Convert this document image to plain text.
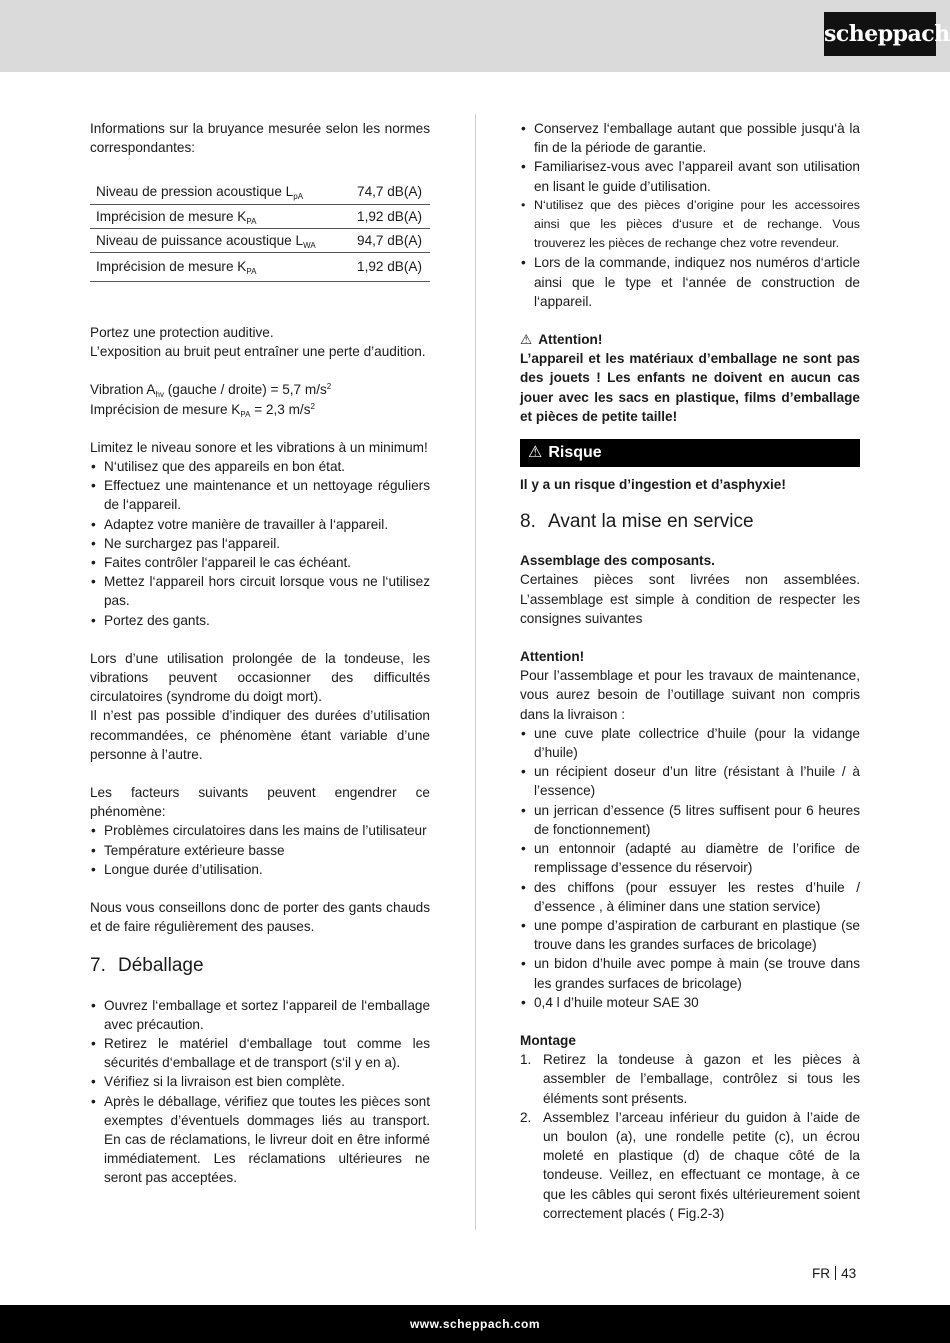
scheppach

Informations sur la bruyance mesurée selon les normes correspondantes:

Niveau de pression acoustique $L_{pA}$	74,7 dB(A)
Imprécision de mesure $K_{PA}$	1,92 dB(A)
Niveau de puissance acoustique $L_{WA}$	94,7 dB(A)
Imprécision de mesure $K_{PA}$	1,92 dB(A)

Portez une protection auditive.

L’exposition au bruit peut entraîner une perte d’audition.

Vibration $A_{hv}$ (gauche / droite) = 5,7 $m/s^2$

Imprécision de mesure $K_{PA} = 2,3$ $m/s^2$

Limitez le niveau sonore et les vibrations à un minimum!

• N‘utilisez que des appareils en bon état.
• Effectuez une maintenance et un nettoyage réguliers de l‘appareil.
• Adaptez votre manière de travailler à l‘appareil.
• Ne surchargez pas l‘appareil.
• Faites contrôler l‘appareil le cas échéant.
• Mettez l‘appareil hors circuit lorsque vous ne l‘utilisez pas.
• Portez des gants.

Lors d’une utilisation prolongée de la tondeuse, les vibrations peuvent occasionner des difficultés circulatoires (syndrome du doigt mort).

Il n’est pas possible d’indiquer des durées d’utilisation recommandées, ce phénomène étant variable d’une personne à l’autre.

Les facteurs suivants peuvent engendrer ce phénomène:

• Problèmes circulatoires dans les mains de l’utilisateur
• Température extérieure basse
• Longue durée d’utilisation.

Nous vous conseillons donc de porter des gants chauds et de faire régulièrement des pauses.

7. Déballage
• Ouvrez l‘emballage et sortez l‘appareil de l‘emballage avec précaution.
• Retirez le matériel d‘emballage tout comme les sécurités d‘emballage et de transport (s‘il y en a).
• Vérifiez si la livraison est bien complète.
• Après le déballage, vérifiez que toutes les pièces sont exemptes d’éventuels dommages liés au transport. En cas de réclamations, le livreur doit en être informé immédiatement. Les réclamations ultérieures ne seront pas acceptées.
• Conservez l‘emballage autant que possible jusqu‘à la fin de la période de garantie.
• Familiarisez-vous avec l’appareil avant son utilisation en lisant le guide d’utilisation.
• N‘utilisez que des pièces d’origine pour les accessoires ainsi que les pièces d‘usure et de rechange. Vous trouverez les pièces de rechange chez votre revendeur.
• Lors de la commande, indiquez nos numéros d‘article ainsi que le type et l‘année de construction de l‘appareil.

⚠ Attention!

L’appareil et les matériaux d’emballage ne sont pas des jouets ! Les enfants ne doivent en aucun cas jouer avec les sacs en plastique, films d’emballage et pièces de petite taille!

⚠ Risque

Il y a un risque d’ingestion et d’asphyxie!

8. Avant la mise en service

Assemblage des composants.

Certaines pièces sont livrées non assemblées. L’assemblage est simple à condition de respecter les consignes suivantes

Attention!

Pour l’assemblage et pour les travaux de maintenance, vous aurez besoin de l’outillage suivant non compris dans la livraison :

• une cuve plate collectrice d’huile (pour la vidange d’huile)
• un récipient doseur d’un litre (résistant à l’huile / à l’essence)
• un jerrican d’essence (5 litres suffisent pour 6 heures de fonctionnement)
• un entonnoir (adapté au diamètre de l’orifice de remplissage d’essence du réservoir)
• des chiffons (pour essuyer les restes d’huile / d’essence , à éliminer dans une station service)
• une pompe d’aspiration de carburant en plastique (se trouve dans les grandes surfaces de bricolage)
• un bidon d’huile avec pompe à main (se trouve dans les grandes surfaces de bricolage)
• 0,4 l d’huile moteur SAE 30

Montage

1. Retirez la tondeuse à gazon et les pièces à assembler de l’emballage, contrôlez si tous les éléments sont présents.
2. Assemblez l’arceau inférieur du guidon à l’aide de un boulon (a), une rondelle petite (c), un écrou moleté en plastique (d) de chaque côté de la tondeuse. Veillez, en effectuant ce montage, à ce que les câbles qui seront fixés ultérieurement soient correctement placés ( Fig.2-3)
FR 43
www.scheppach.com
